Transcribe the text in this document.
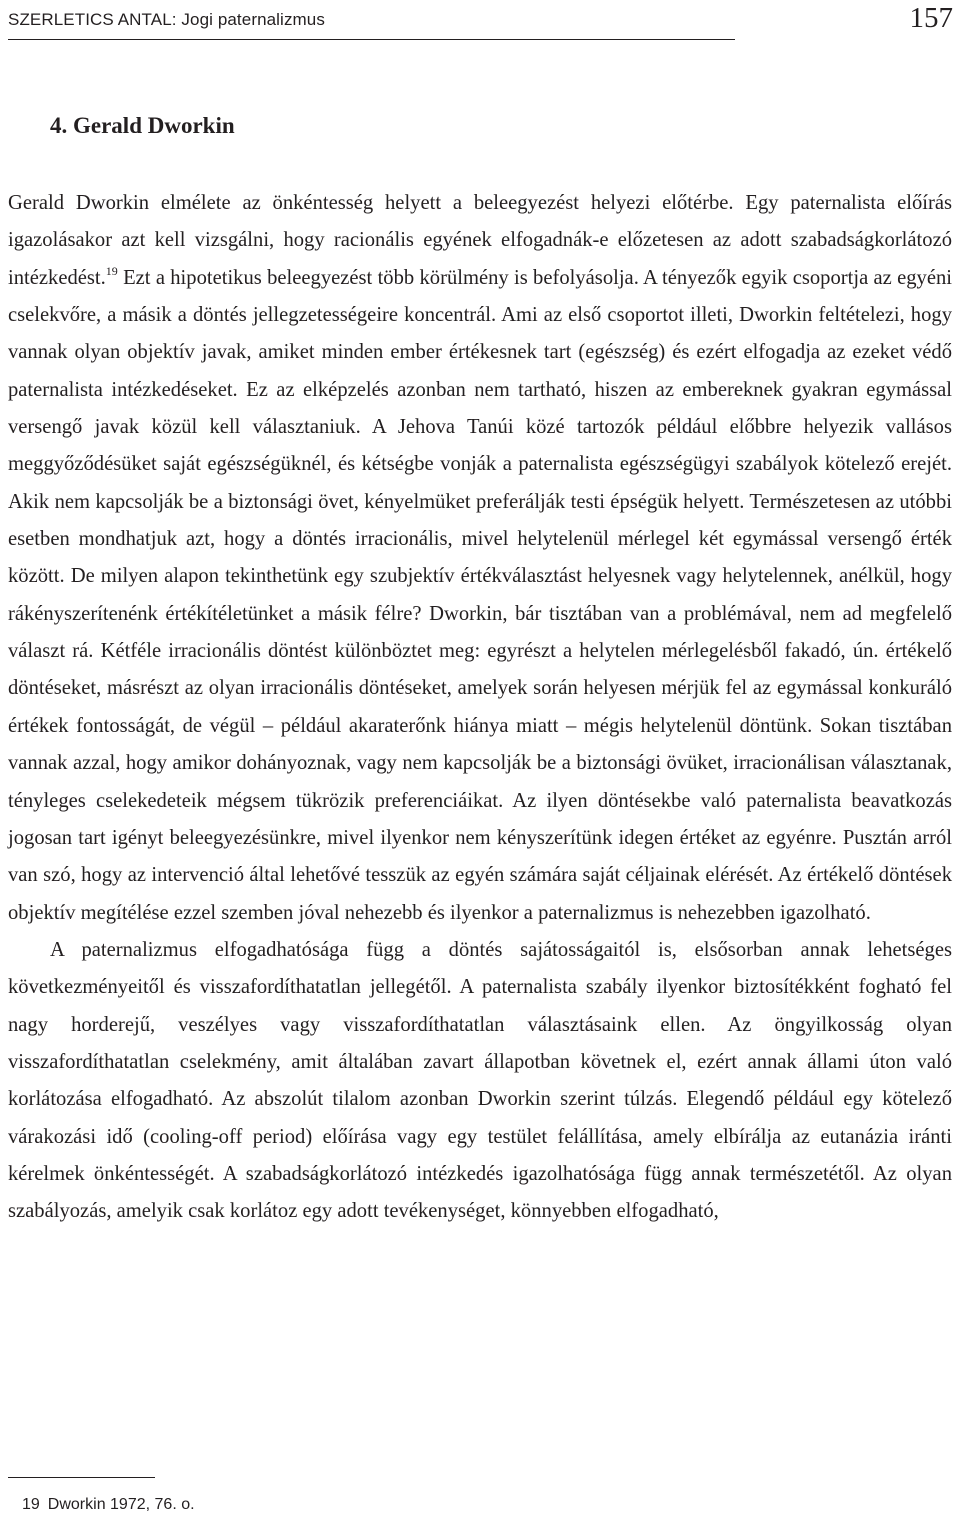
SZERLETICS ANTAL: Jogi paternalizmus	157
4. Gerald Dworkin

Gerald Dworkin elmélete az önkéntesség helyett a beleegyezést helyezi előtérbe. Egy paternalista előírás igazolásakor azt kell vizsgálni, hogy racionális egyének elfogadnák-e előzetesen az adott szabadságkorlátozó intézkedést.$^{19}$ Ezt a hipotetikus beleegyezést több körülmény is befolyásolja. A tényezők egyik csoportja az egyéni cselekvőre, a másik a döntés jellegzetességeire koncentrál. Ami az első csoportot illeti, Dworkin feltételezi, hogy vannak olyan objektív javak, amiket minden ember értékesnek tart (egészség) és ezért elfogadja az ezeket védő paternalista intézkedéseket. Ez az elképzelés azonban nem tartható, hiszen az embereknek gyakran egymással versengő javak közül kell választaniuk. A Jehova Tanúi közé tartozók például előbbre helyezik vallásos meggyőződésüket saját egészségüknél, és kétségbe vonják a paternalista egészségügyi szabályok kötelező erejét. Akik nem kapcsolják be a biztonsági övet, kényelmüket preferálják testi épségük helyett. Természetesen az utóbbi esetben mondhatjuk azt, hogy a döntés irracionális, mivel helytelenül mérlegel két egymással versengő érték között. De milyen alapon tekinthetünk egy szubjektív értékválasztást helyesnek vagy helytelennek, anélkül, hogy rákényszerítenénk értékítéletünket a másik félre? Dworkin, bár tisztában van a problémával, nem ad megfelelő választ rá. Kétféle irracionális döntést különböztet meg: egyrészt a helytelen mérlegelésből fakadó, ún. értékelő döntéseket, másrészt az olyan irracionális döntéseket, amelyek során helyesen mérjük fel az egymással konkuráló értékek fontosságát, de végül – például akaraterőnk hiánya miatt – mégis helytelenül döntünk. Sokan tisztában vannak azzal, hogy amikor dohányoznak, vagy nem kapcsolják be a biztonsági övüket, irracionálisan választanak, tényleges cselekedeteik mégsem tükrözik preferenciáikat. Az ilyen döntésekbe való paternalista beavatkozás jogosan tart igényt beleegyezésünkre, mivel ilyenkor nem kényszerítünk idegen értéket az egyénre. Pusztán arról van szó, hogy az intervenció által lehetővé tesszük az egyén számára saját céljainak elérését. Az értékelő döntések objektív megítélése ezzel szemben jóval nehezebb és ilyenkor a paternalizmus is nehezebben igazolható.

A paternalizmus elfogadhatósága függ a döntés sajátosságaitól is, elsősorban annak lehetséges következményeitől és visszafordíthatatlan jellegétől. A paternalista szabály ilyenkor biztosítékként fogható fel nagy horderejű, veszélyes vagy visszafordíthatatlan választásaink ellen. Az öngyilkosság olyan visszafordíthatatlan cselekmény, amit általában zavart állapotban követnek el, ezért annak állami úton való korlátozása elfogadható. Az abszolút tilalom azonban Dworkin szerint túlzás. Elegendő például egy kötelező várakozási idő (cooling-off period) előírása vagy egy testület felállítása, amely elbírálja az eutanázia iránti kérelmek önkéntességét. A szabadságkorlátozó intézkedés igazolhatósága függ annak természetétől. Az olyan szabályozás, amelyik csak korlátoz egy adott tevékenységet, könnyebben elfogadható,

19 Dworkin 1972, 76. o.
